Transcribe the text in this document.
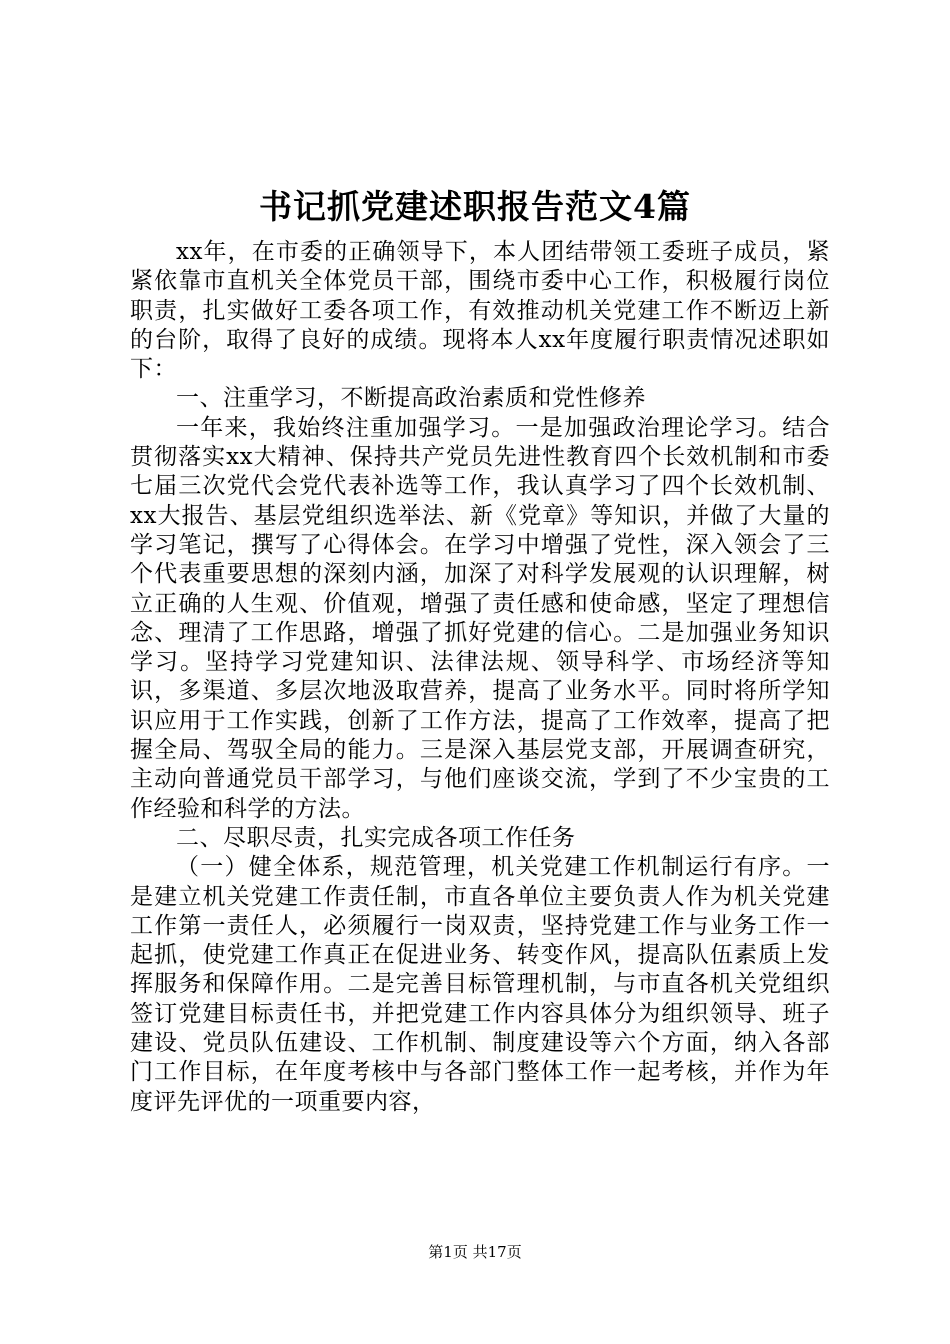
书记抓党建述职报告范文4篇

xx年，在市委的正确领导下，本人团结带领工委班子成员，紧紧依靠市直机关全体党员干部，围绕市委中心工作，积极履行岗位职责，扎实做好工委各项工作，有效推动机关党建工作不断迈上新的台阶，取得了良好的成绩。现将本人xx年度履行职责情况述职如下：

一、注重学习，不断提高政治素质和党性修养

一年来，我始终注重加强学习。一是加强政治理论学习。结合贯彻落实xx大精神、保持共产党员先进性教育四个长效机制和市委七届三次党代会党代表补选等工作，我认真学习了四个长效机制、xx大报告、基层党组织选举法、新《党章》等知识，并做了大量的学习笔记，撰写了心得体会。在学习中增强了党性，深入领会了三个代表重要思想的深刻内涵，加深了对科学发展观的认识理解，树立正确的人生观、价值观，增强了责任感和使命感，坚定了理想信念、理清了工作思路，增强了抓好党建的信心。二是加强业务知识学习。坚持学习党建知识、法律法规、领导科学、市场经济等知识，多渠道、多层次地汲取营养，提高了业务水平。同时将所学知识应用于工作实践，创新了工作方法，提高了工作效率，提高了把握全局、驾驭全局的能力。三是深入基层党支部，开展调查研究，主动向普通党员干部学习，与他们座谈交流，学到了不少宝贵的工作经验和科学的方法。

二、尽职尽责，扎实完成各项工作任务

（一）健全体系，规范管理，机关党建工作机制运行有序。一是建立机关党建工作责任制，市直各单位主要负责人作为机关党建工作第一责任人，必须履行一岗双责，坚持党建工作与业务工作一起抓，使党建工作真正在促进业务、转变作风，提高队伍素质上发挥服务和保障作用。二是完善目标管理机制，与市直各机关党组织签订党建目标责任书，并把党建工作内容具体分为组织领导、班子建设、党员队伍建设、工作机制、制度建设等六个方面，纳入各部门工作目标，在年度考核中与各部门整体工作一起考核，并作为年度评先评优的一项重要内容，

第1页 共17页
